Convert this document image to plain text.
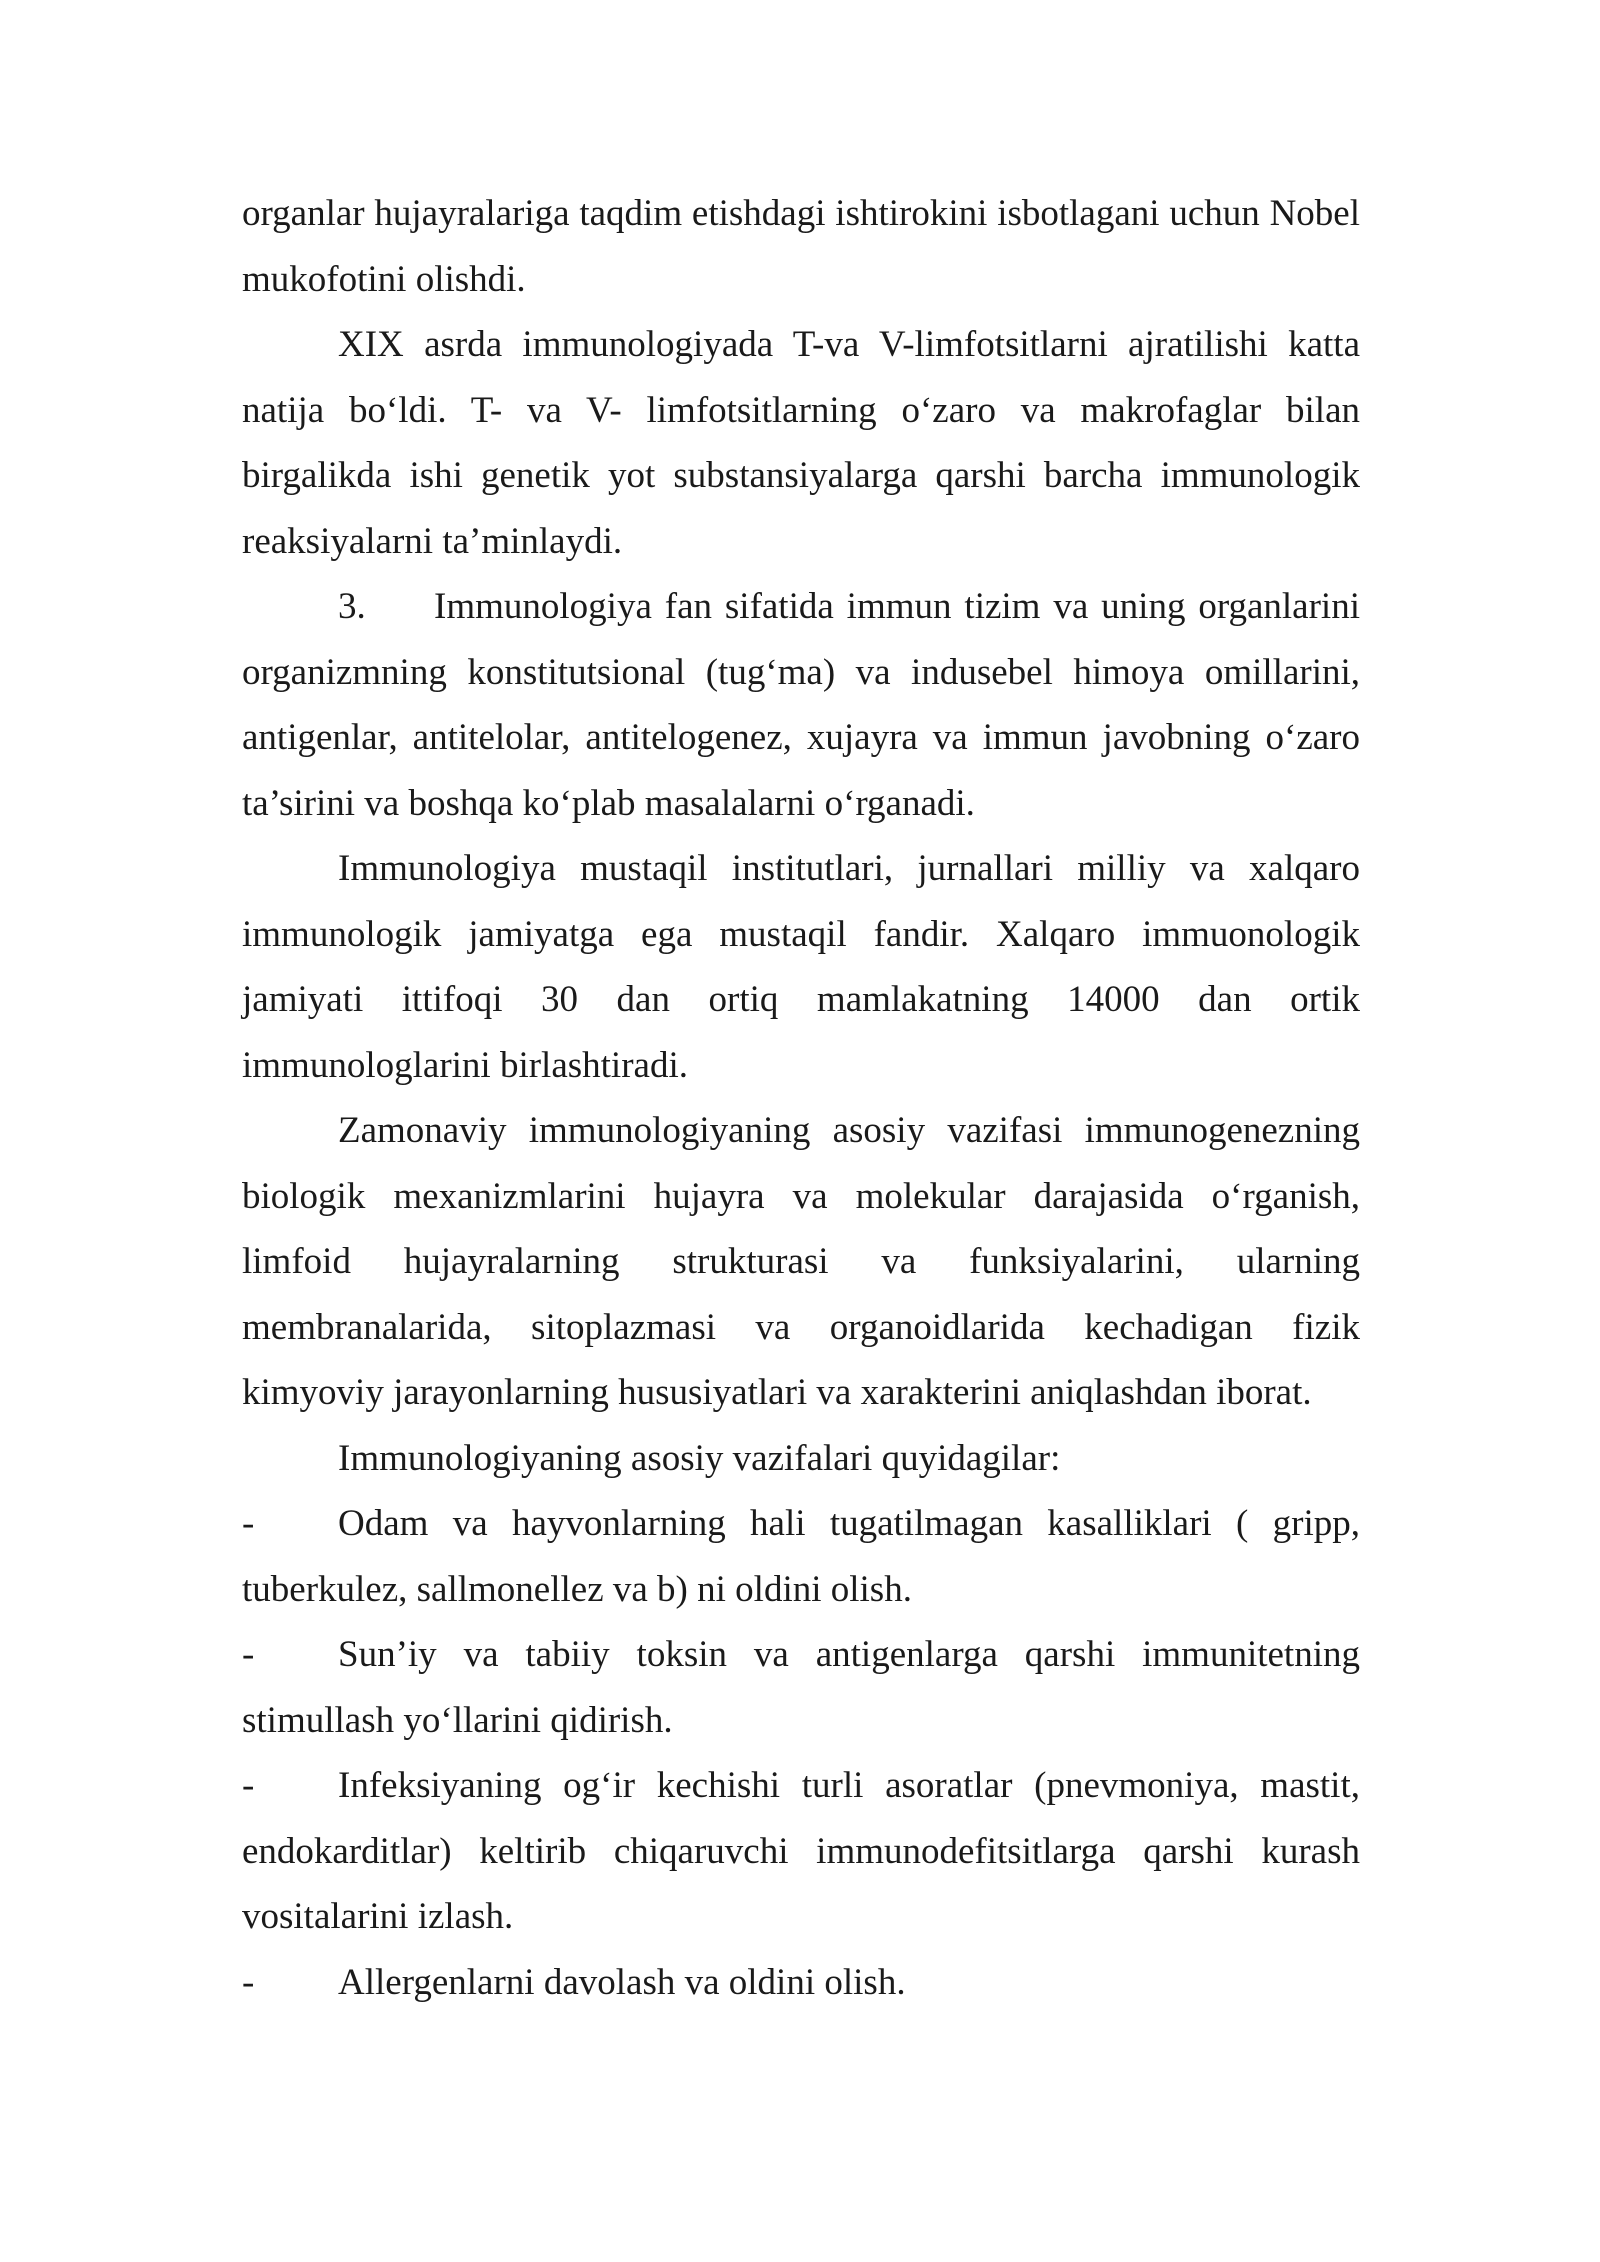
organlar hujayralariga taqdim etishdagi ishtirokini isbotlagani uchun Nobel mukofotini olishdi.

XIX asrda immunologiyada T-va V-limfotsitlarni ajratilishi katta natija bo‘ldi. T- va V- limfotsitlarning o‘zaro va makrofaglar bilan birgalikda ishi genetik yot substansiyalarga qarshi barcha immunologik reaksiyalarni ta’minlaydi.

3. Immunologiya fan sifatida immun tizim va uning organlarini organizmning konstitutsional (tug‘ma) va indusebel himoya omillarini, antigenlar, antitelolar, antitelogenez, xujayra va immun javobning o‘zaro ta’sirini va boshqa ko‘plab masalalarni o‘rganadi.

Immunologiya mustaqil institutlari, jurnallari milliy va xalqaro immunologik jamiyatga ega mustaqil fandir. Xalqaro immuonologik jamiyati ittifoqi 30 dan ortiq mamlakatning 14000 dan ortik immunologlarini birlashtiradi.

Zamonaviy immunologiyaning asosiy vazifasi immunogenezning biologik mexanizmlarini hujayra va molekular darajasida o‘rganish, limfoid hujayralarning strukturasi va funksiyalarini, ularning membranalarida, sitoplazmasi va organoidlarida kechadigan fizik kimyoviy jarayonlarning hususiyatlari va xarakterini aniqlashdan iborat.

Immunologiyaning asosiy vazifalari quyidagilar:

- Odam va hayvonlarning hali tugatilmagan kasalliklari ( gripp, tuberkulez, sallmonellez va b) ni oldini olish.

- Sun’iy va tabiiy toksin va antigenlarga qarshi immunitetning stimullash yo‘llarini qidirish.

- Infeksiyaning og‘ir kechishi turli asoratlar (pnevmoniya, mastit, endokarditlar) keltirib chiqaruvchi immunodefitsitlarga qarshi kurash vositalarini izlash.

- Allergenlarni davolash va oldini olish.
